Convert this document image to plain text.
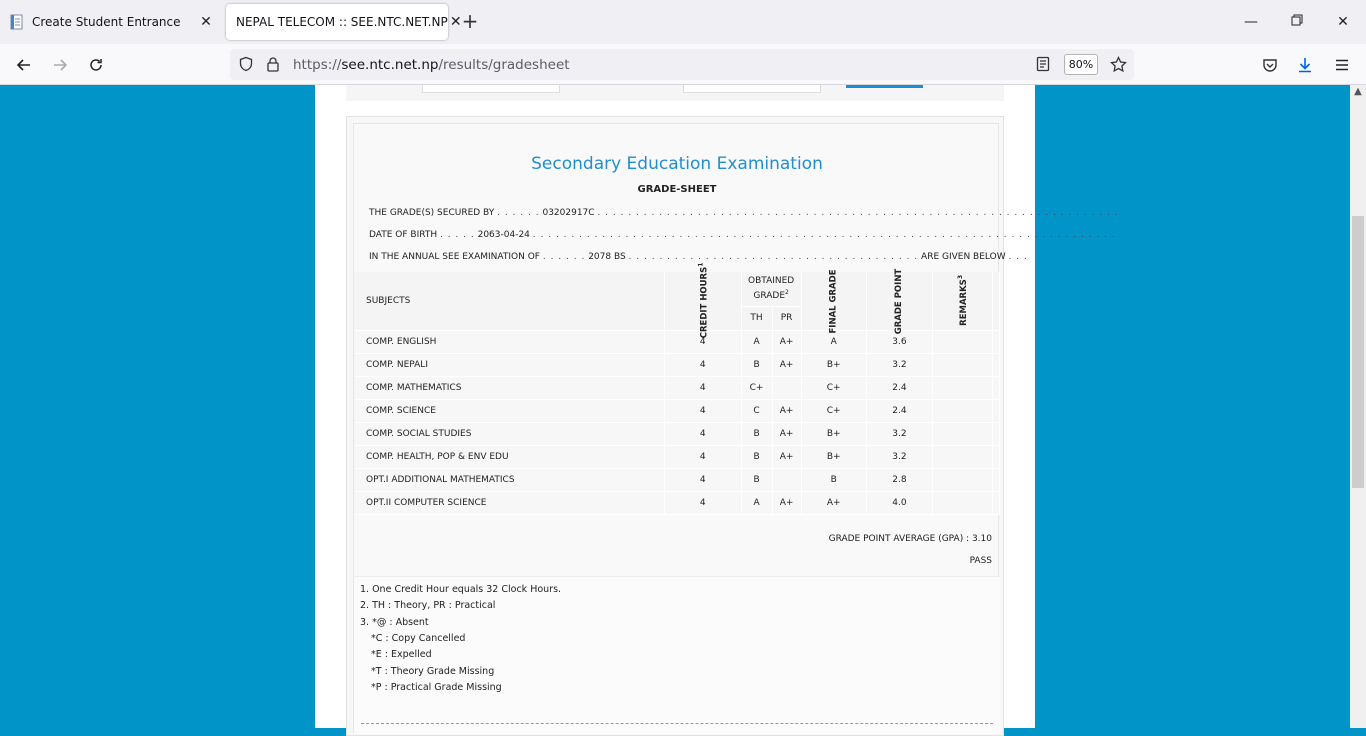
Create Student Entrance	✕ NEPAL TELECOM :: SEE.NTC.NET.NP ✕ +	—	✕
https://see.ntc.net.np/results/gradesheet	80%
Secondary Education Examination
GRADE-SHEET
THE GRADE(S) SECURED BY . . . . . . 03202917C . . . . . . . . . . . . . . . . . . . . . . . . . . . . . . . . . . . . . . . . . . . . . . . . . . . . . . . . . . . . . . . . . . . .
DATE OF BIRTH . . . . . 2063-04-24 . . . . . . . . . . . . . . . . . . . . . . . . . . . . . . . . . . . . . . . . . . . . . . . . . . . . . . . . . . . . . . . . . . . . . . . . . . . .
IN THE ANNUAL SEE EXAMINATION OF . . . . . . 2078 BS . . . . . . . . . . . . . . . . . . . . . . . . . . . . . . . . . . . . . . ARE GIVEN BELOW . . .
SUBJECTS	CREDIT HOURS$^1$	OBTAINED GRADE$^2$		FINAL GRADE	GRADE POINT	REMARKS$^3$	
		TH	PR				
COMP. ENGLISH	4	A	A+	A	3.6		
COMP. NEPALI	4	B	A+	B+	3.2		
COMP. MATHEMATICS	4	C+		C+	2.4		
COMP. SCIENCE	4	C	A+	C+	2.4		
COMP. SOCIAL STUDIES	4	B	A+	B+	3.2		
COMP. HEALTH, POP & ENV EDU	4	B	A+	B+	3.2		
OPT.I ADDITIONAL MATHEMATICS	4	B		B	2.8		
OPT.II COMPUTER SCIENCE	4	A	A+	A+	4.0		
GRADE POINT AVERAGE (GPA) : 3.10
PASS
1. One Credit Hour equals 32 Clock Hours.
2. TH : Theory, PR : Practical
3. *@ : Absent
*C : Copy Cancelled
*E : Expelled
*T : Theory Grade Missing
*P : Practical Grade Missing
▲
